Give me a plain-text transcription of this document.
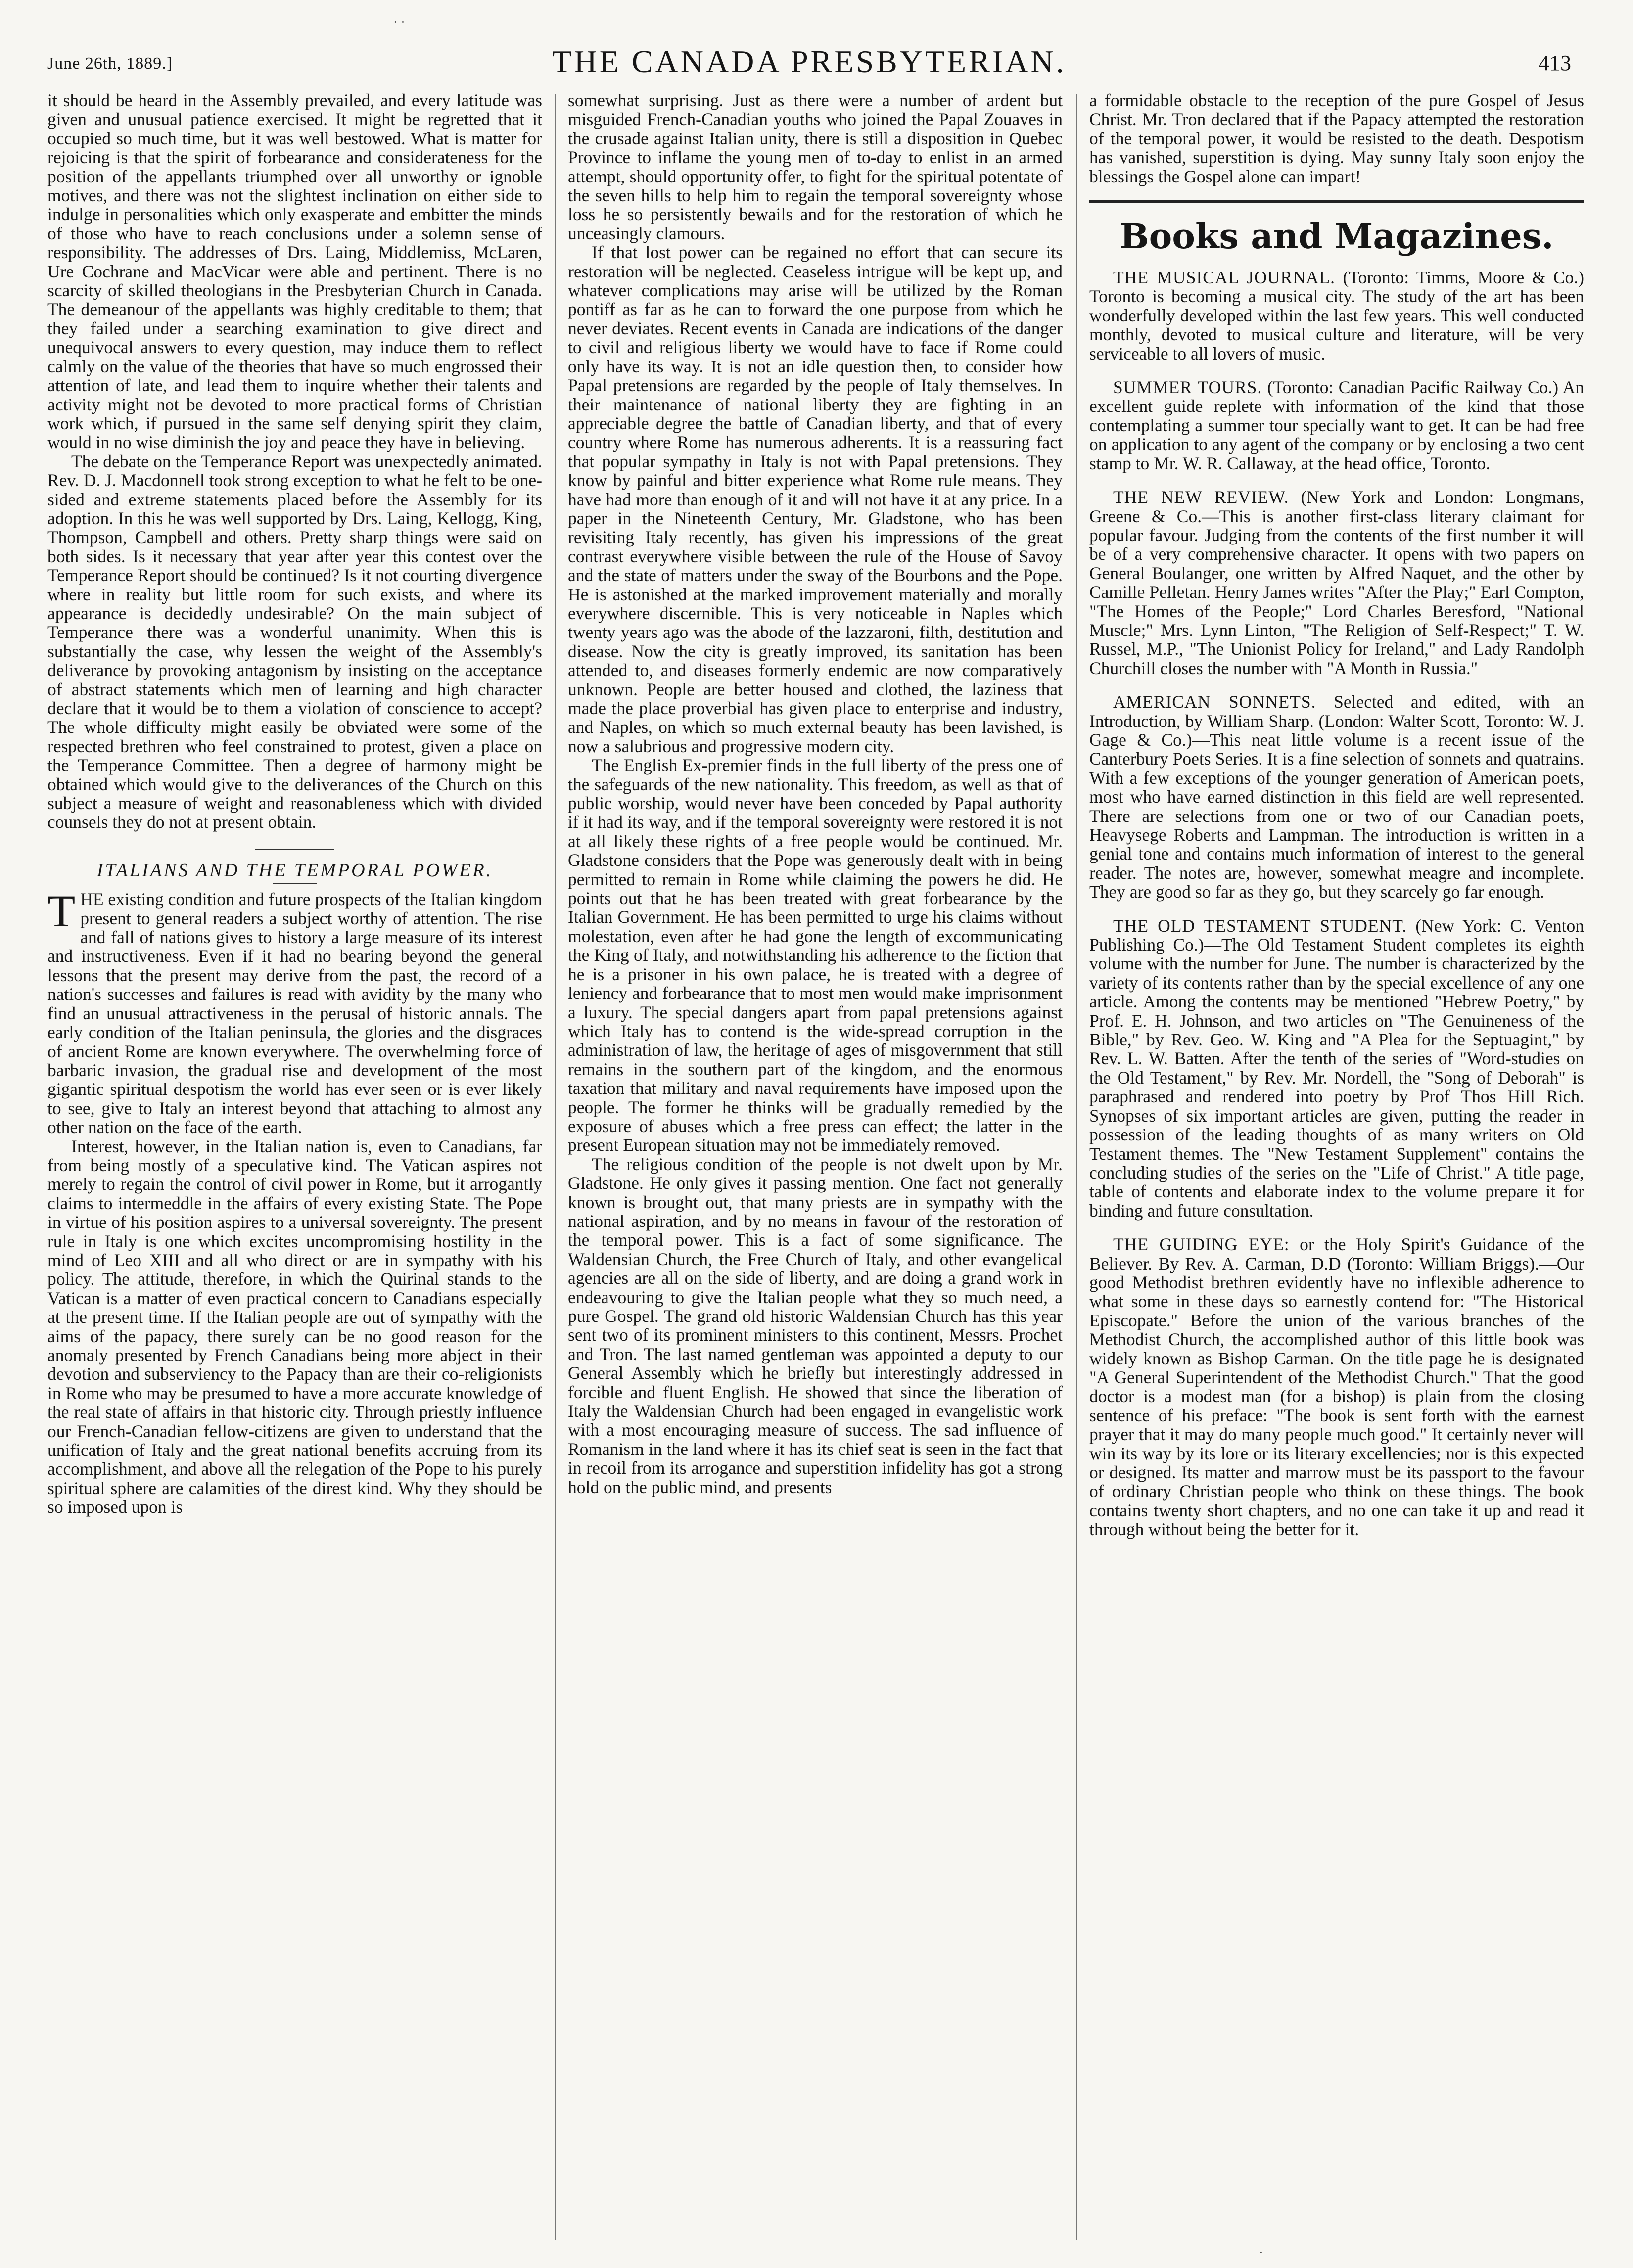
· ·
June 26th, 1889.]	THE CANADA PRESBYTERIAN.	413

it should be heard in the Assembly prevailed, and every latitude was given and unusual patience exercised. It might be regretted that it occupied so much time, but it was well bestowed. What is matter for rejoicing is that the spirit of forbearance and considerateness for the position of the appellants triumphed over all unworthy or ignoble motives, and there was not the slightest inclination on either side to indulge in personalities which only exasperate and embitter the minds of those who have to reach conclusions under a solemn sense of responsibility. The addresses of Drs. Laing, Middlemiss, McLaren, Ure Cochrane and MacVicar were able and pertinent. There is no scarcity of skilled theologians in the Presbyterian Church in Canada. The demeanour of the appellants was highly creditable to them; that they failed under a searching examination to give direct and unequivocal answers to every question, may induce them to reflect calmly on the value of the theories that have so much engrossed their attention of late, and lead them to inquire whether their talents and activity might not be devoted to more practical forms of Christian work which, if pursued in the same self denying spirit they claim, would in no wise diminish the joy and peace they have in believing.

The debate on the Temperance Report was unexpectedly animated. Rev. D. J. Macdonnell took strong exception to what he felt to be one-sided and extreme statements placed before the Assembly for its adoption. In this he was well supported by Drs. Laing, Kellogg, King, Thompson, Campbell and others. Pretty sharp things were said on both sides. Is it necessary that year after year this contest over the Temperance Report should be continued? Is it not courting divergence where in reality but little room for such exists, and where its appearance is decidedly undesirable? On the main subject of Temperance there was a wonderful unanimity. When this is substantially the case, why lessen the weight of the Assembly's deliverance by provoking antagonism by insisting on the acceptance of abstract statements which men of learning and high character declare that it would be to them a violation of conscience to accept? The whole difficulty might easily be obviated were some of the respected brethren who feel constrained to protest, given a place on the Temperance Committee. Then a degree of harmony might be obtained which would give to the deliverances of the Church on this subject a measure of weight and reasonableness which with divided counsels they do not at present obtain.

ITALIANS AND THE TEMPORAL POWER.

THE existing condition and future prospects of the Italian kingdom present to general readers a subject worthy of attention. The rise and fall of nations gives to history a large measure of its interest and instructiveness. Even if it had no bearing beyond the general lessons that the present may derive from the past, the record of a nation's successes and failures is read with avidity by the many who find an unusual attractiveness in the perusal of historic annals. The early condition of the Italian peninsula, the glories and the disgraces of ancient Rome are known everywhere. The overwhelming force of barbaric invasion, the gradual rise and development of the most gigantic spiritual despotism the world has ever seen or is ever likely to see, give to Italy an interest beyond that attaching to almost any other nation on the face of the earth.

Interest, however, in the Italian nation is, even to Canadians, far from being mostly of a speculative kind. The Vatican aspires not merely to regain the control of civil power in Rome, but it arrogantly claims to intermeddle in the affairs of every existing State. The Pope in virtue of his position aspires to a universal sovereignty. The present rule in Italy is one which excites uncompromising hostility in the mind of Leo XIII and all who direct or are in sympathy with his policy. The attitude, therefore, in which the Quirinal stands to the Vatican is a matter of even practical concern to Canadians especially at the present time. If the Italian people are out of sympathy with the aims of the papacy, there surely can be no good reason for the anomaly presented by French Canadians being more abject in their devotion and subserviency to the Papacy than are their co-religionists in Rome who may be presumed to have a more accurate knowledge of the real state of affairs in that historic city. Through priestly influence our French-Canadian fellow-citizens are given to understand that the unification of Italy and the great national benefits accruing from its accomplishment, and above all the relegation of the Pope to his purely spiritual sphere are calamities of the direst kind. Why they should be so imposed upon is

somewhat surprising. Just as there were a number of ardent but misguided French-Canadian youths who joined the Papal Zouaves in the crusade against Italian unity, there is still a disposition in Quebec Province to inflame the young men of to-day to enlist in an armed attempt, should opportunity offer, to fight for the spiritual potentate of the seven hills to help him to regain the temporal sovereignty whose loss he so persistently bewails and for the restoration of which he unceasingly clamours.

If that lost power can be regained no effort that can secure its restoration will be neglected. Ceaseless intrigue will be kept up, and whatever complications may arise will be utilized by the Roman pontiff as far as he can to forward the one purpose from which he never deviates. Recent events in Canada are indications of the danger to civil and religious liberty we would have to face if Rome could only have its way. It is not an idle question then, to consider how Papal pretensions are regarded by the people of Italy themselves. In their maintenance of national liberty they are fighting in an appreciable degree the battle of Canadian liberty, and that of every country where Rome has numerous adherents. It is a reassuring fact that popular sympathy in Italy is not with Papal pretensions. They know by painful and bitter experience what Rome rule means. They have had more than enough of it and will not have it at any price. In a paper in the Nineteenth Century, Mr. Gladstone, who has been revisiting Italy recently, has given his impressions of the great contrast everywhere visible between the rule of the House of Savoy and the state of matters under the sway of the Bourbons and the Pope. He is astonished at the marked improvement materially and morally everywhere discernible. This is very noticeable in Naples which twenty years ago was the abode of the lazzaroni, filth, destitution and disease. Now the city is greatly improved, its sanitation has been attended to, and diseases formerly endemic are now comparatively unknown. People are better housed and clothed, the laziness that made the place proverbial has given place to enterprise and industry, and Naples, on which so much external beauty has been lavished, is now a salubrious and progressive modern city.

The English Ex-premier finds in the full liberty of the press one of the safeguards of the new nationality. This freedom, as well as that of public worship, would never have been conceded by Papal authority if it had its way, and if the temporal sovereignty were restored it is not at all likely these rights of a free people would be continued. Mr. Gladstone considers that the Pope was generously dealt with in being permitted to remain in Rome while claiming the powers he did. He points out that he has been treated with great forbearance by the Italian Government. He has been permitted to urge his claims without molestation, even after he had gone the length of excommunicating the King of Italy, and notwithstanding his adherence to the fiction that he is a prisoner in his own palace, he is treated with a degree of leniency and forbearance that to most men would make imprisonment a luxury. The special dangers apart from papal pretensions against which Italy has to contend is the wide-spread corruption in the administration of law, the heritage of ages of misgovernment that still remains in the southern part of the kingdom, and the enormous taxation that military and naval requirements have imposed upon the people. The former he thinks will be gradually remedied by the exposure of abuses which a free press can effect; the latter in the present European situation may not be immediately removed.

The religious condition of the people is not dwelt upon by Mr. Gladstone. He only gives it passing mention. One fact not generally known is brought out, that many priests are in sympathy with the national aspiration, and by no means in favour of the restoration of the temporal power. This is a fact of some significance. The Waldensian Church, the Free Church of Italy, and other evangelical agencies are all on the side of liberty, and are doing a grand work in endeavouring to give the Italian people what they so much need, a pure Gospel. The grand old historic Waldensian Church has this year sent two of its prominent ministers to this continent, Messrs. Prochet and Tron. The last named gentleman was appointed a deputy to our General Assembly which he briefly but interestingly addressed in forcible and fluent English. He showed that since the liberation of Italy the Waldensian Church had been engaged in evangelistic work with a most encouraging measure of success. The sad influence of Romanism in the land where it has its chief seat is seen in the fact that in recoil from its arrogance and superstition infidelity has got a strong hold on the public mind, and presents

a formidable obstacle to the reception of the pure Gospel of Jesus Christ. Mr. Tron declared that if the Papacy attempted the restoration of the temporal power, it would be resisted to the death. Despotism has vanished, superstition is dying. May sunny Italy soon enjoy the blessings the Gospel alone can impart!

Books and Magazines.

THE MUSICAL JOURNAL. (Toronto: Timms, Moore & Co.) Toronto is becoming a musical city. The study of the art has been wonderfully developed within the last few years. This well conducted monthly, devoted to musical culture and literature, will be very serviceable to all lovers of music.

SUMMER TOURS. (Toronto: Canadian Pacific Railway Co.) An excellent guide replete with information of the kind that those contemplating a summer tour specially want to get. It can be had free on application to any agent of the company or by enclosing a two cent stamp to Mr. W. R. Callaway, at the head office, Toronto.

THE NEW REVIEW. (New York and London: Longmans, Greene & Co.—This is another first-class literary claimant for popular favour. Judging from the contents of the first number it will be of a very comprehensive character. It opens with two papers on General Boulanger, one written by Alfred Naquet, and the other by Camille Pelletan. Henry James writes "After the Play;" Earl Compton, "The Homes of the People;" Lord Charles Beresford, "National Muscle;" Mrs. Lynn Linton, "The Religion of Self-Respect;" T. W. Russel, M.P., "The Unionist Policy for Ireland," and Lady Randolph Churchill closes the number with "A Month in Russia."

AMERICAN SONNETS. Selected and edited, with an Introduction, by William Sharp. (London: Walter Scott, Toronto: W. J. Gage & Co.)—This neat little volume is a recent issue of the Canterbury Poets Series. It is a fine selection of sonnets and quatrains. With a few exceptions of the younger generation of American poets, most who have earned distinction in this field are well represented. There are selections from one or two of our Canadian poets, Heavysege Roberts and Lampman. The introduction is written in a genial tone and contains much information of interest to the general reader. The notes are, however, somewhat meagre and incomplete. They are good so far as they go, but they scarcely go far enough.

THE OLD TESTAMENT STUDENT. (New York: C. Venton Publishing Co.)—The Old Testament Student completes its eighth volume with the number for June. The number is characterized by the variety of its contents rather than by the special excellence of any one article. Among the contents may be mentioned "Hebrew Poetry," by Prof. E. H. Johnson, and two articles on "The Genuineness of the Bible," by Rev. Geo. W. King and "A Plea for the Septuagint," by Rev. L. W. Batten. After the tenth of the series of "Word-studies on the Old Testament," by Rev. Mr. Nordell, the "Song of Deborah" is paraphrased and rendered into poetry by Prof Thos Hill Rich. Synopses of six important articles are given, putting the reader in possession of the leading thoughts of as many writers on Old Testament themes. The "New Testament Supplement" contains the concluding studies of the series on the "Life of Christ." A title page, table of contents and elaborate index to the volume prepare it for binding and future consultation.

THE GUIDING EYE: or the Holy Spirit's Guidance of the Believer. By Rev. A. Carman, D.D (Toronto: William Briggs).—Our good Methodist brethren evidently have no inflexible adherence to what some in these days so earnestly contend for: "The Historical Episcopate." Before the union of the various branches of the Methodist Church, the accomplished author of this little book was widely known as Bishop Carman. On the title page he is designated "A General Superintendent of the Methodist Church." That the good doctor is a modest man (for a bishop) is plain from the closing sentence of his preface: "The book is sent forth with the earnest prayer that it may do many people much good." It certainly never will win its way by its lore or its literary excellencies; nor is this expected or designed. Its matter and marrow must be its passport to the favour of ordinary Christian people who think on these things. The book contains twenty short chapters, and no one can take it up and read it through without being the better for it.

·
